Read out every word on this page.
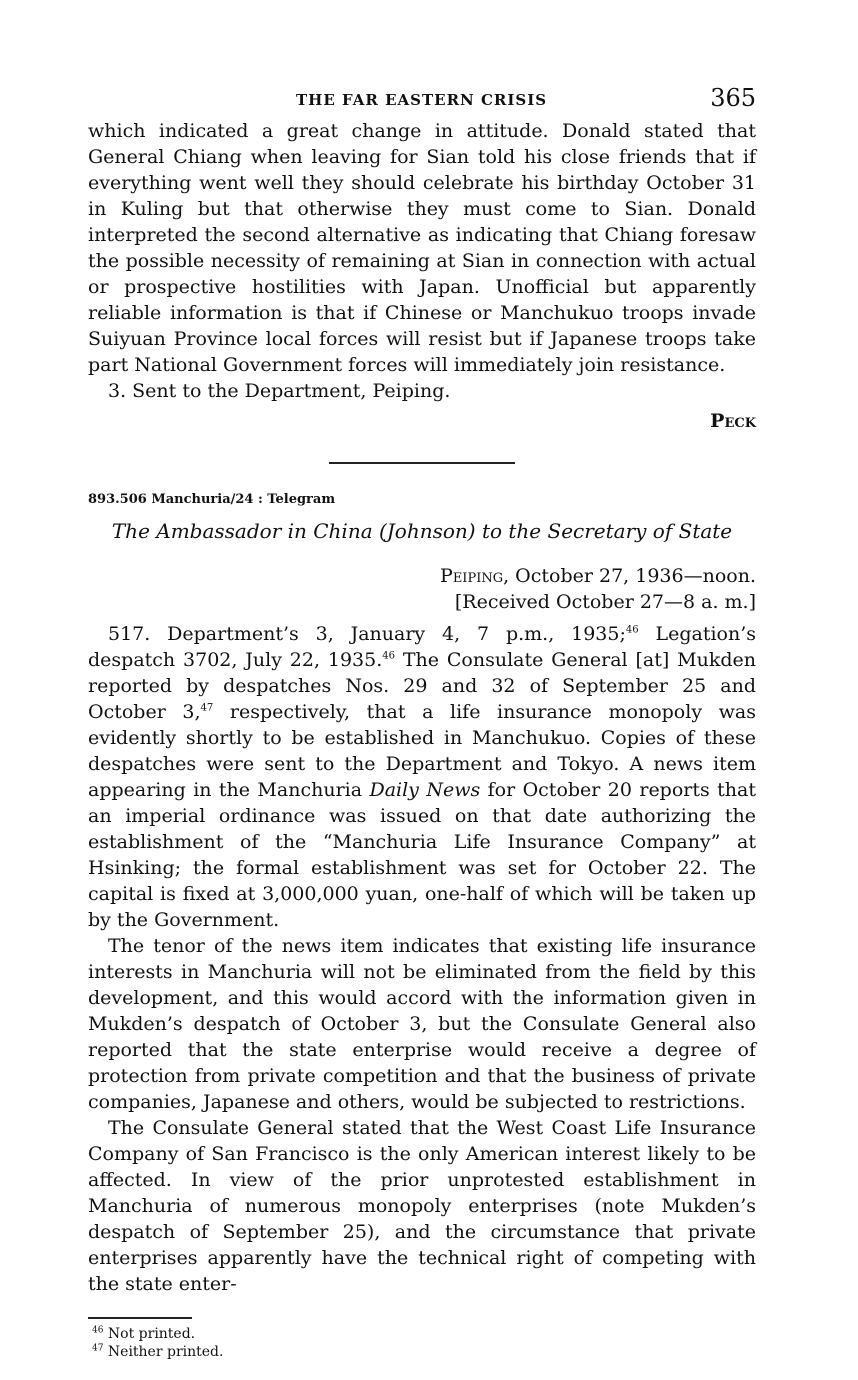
THE FAR EASTERN CRISIS	365

which indicated a great change in attitude. Donald stated that General Chiang when leaving for Sian told his close friends that if everything went well they should celebrate his birthday October 31 in Kuling but that otherwise they must come to Sian. Donald interpreted the second alternative as indicating that Chiang foresaw the possible necessity of remaining at Sian in connection with actual or prospective hostilities with Japan. Unofficial but apparently reliable information is that if Chinese or Manchukuo troops invade Suiyuan Province local forces will resist but if Japanese troops take part National Government forces will immediately join resistance.

3. Sent to the Department, Peiping.

Peck
893.506 Manchuria/24 : Telegram
The Ambassador in China (Johnson) to the Secretary of State
Peiping, October 27, 1936—noon.
[Received October 27—8 a. m.]

517. Department’s 3, January 4, 7 p.m., 1935;$^{46}$ Legation’s despatch 3702, July 22, 1935.46 The Consulate General [at] Mukden reported by despatches Nos. 29 and 32 of September 25 and October 3,47 respectively, that a life insurance monopoly was evidently shortly to be established in Manchukuo. Copies of these despatches were sent to the Department and Tokyo. A news item appearing in the Manchuria Daily News for October 20 reports that an imperial ordinance was issued on that date authorizing the establishment of the “Manchuria Life Insurance Company” at Hsinking; the formal establishment was set for October 22. The capital is fixed at 3,000,000 yuan, one-half of which will be taken up by the Government.

The tenor of the news item indicates that existing life insurance interests in Manchuria will not be eliminated from the field by this development, and this would accord with the information given in Mukden’s despatch of October 3, but the Consulate General also reported that the state enterprise would receive a degree of protection from private competition and that the business of private companies, Japanese and others, would be subjected to restrictions.

The Consulate General stated that the West Coast Life Insurance Company of San Francisco is the only American interest likely to be affected. In view of the prior unprotested establishment in Manchuria of numerous monopoly enterprises (note Mukden’s despatch of September 25), and the circumstance that private enterprises apparently have the technical right of competing with the state enter-

$^{46}$ Not printed.
$^{47}$ Neither printed.
